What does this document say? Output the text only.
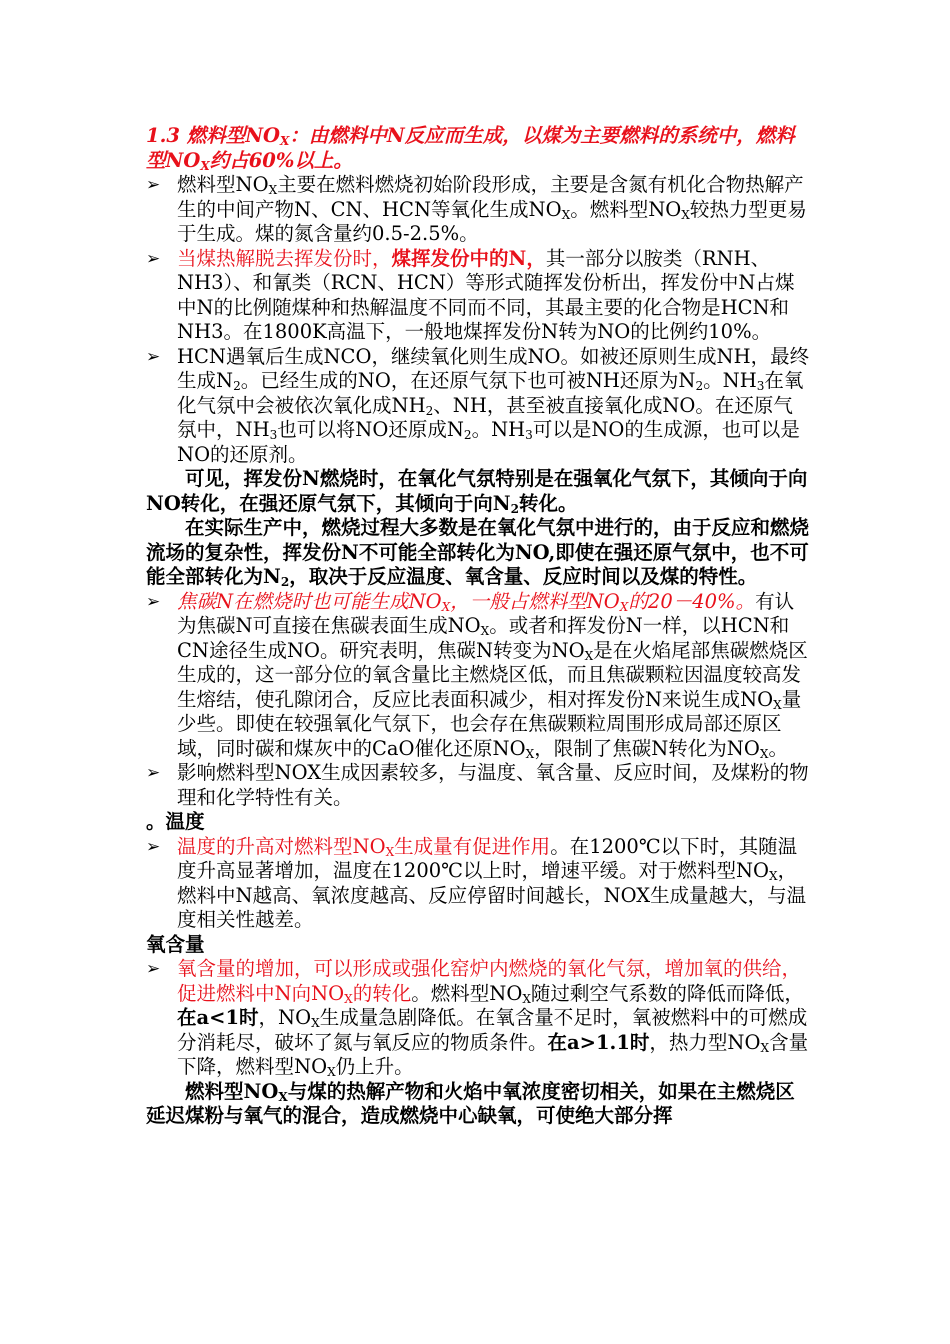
1.3 燃料型$NO_X$：由燃料中N反应而生成，以煤为主要燃料的系统中，燃料型$NO_X$约占60%以上。
➢ 燃料型$NO_X$主要在燃料燃烧初始阶段形成，主要是含氮有机化合物热解产生的中间产物N、CN、HCN等氧化生成$NO_X$。燃料型$NO_X$较热力型更易于生成。煤的氮含量约0.5-2.5%。
➢ 当煤热解脱去挥发份时，煤挥发份中的N，其一部分以胺类（RNH、NH3）、和氰类（RCN、HCN）等形式随挥发份析出，挥发份中N占煤中N的比例随煤种和热解温度不同而不同，其最主要的化合物是HCN和NH3。在1800K高温下，一般地煤挥发份N转为NO的比例约10%。
➢ HCN遇氧后生成NCO，继续氧化则生成NO。如被还原则生成NH，最终生成$N_2$。已经生成的NO，在还原气氛下也可被NH还原为$N_2$。$NH_3$在氧化气氛中会被依次氧化成$NH_2$、NH，甚至被直接氧化成NO。在还原气氛中，$NH_3$也可以将NO还原成$N_2$。$NH_3$可以是NO的生成源，也可以是NO的还原剂。
可见，挥发份N燃烧时，在氧化气氛特别是在强氧化气氛下，其倾向于向NO转化，在强还原气氛下，其倾向于向$N_2$转化。
在实际生产中，燃烧过程大多数是在氧化气氛中进行的，由于反应和燃烧流场的复杂性，挥发份N不可能全部转化为NO,即使在强还原气氛中，也不可能全部转化为$N_2$，取决于反应温度、氧含量、反应时间以及煤的特性。
➢ 焦碳N在燃烧时也可能生成$NO_X$，一般占燃料型$NO_X$的20－40%。有认为焦碳N可直接在焦碳表面生成$NO_X$。或者和挥发份N一样，以HCN和CN途径生成NO。研究表明，焦碳N转变为$NO_X$是在火焰尾部焦碳燃烧区生成的，这一部分位的氧含量比主燃烧区低，而且焦碳颗粒因温度较高发生熔结，使孔隙闭合，反应比表面积减少，相对挥发份N来说生成$NO_X$量少些。即使在较强氧化气氛下，也会存在焦碳颗粒周围形成局部还原区域，同时碳和煤灰中的CaO催化还原$NO_X$，限制了焦碳N转化为$NO_X$。
➢ 影响燃料型NOX生成因素较多，与温度、氧含量、反应时间，及煤粉的物理和化学特性有关。
。温度
➢ 温度的升高对燃料型$NO_X$生成量有促进作用。在1200℃以下时，其随温度升高显著增加，温度在1200℃以上时，增速平缓。对于燃料型$NO_X$，燃料中N越高、氧浓度越高、反应停留时间越长，NOX生成量越大，与温度相关性越差。
氧含量
➢ 氧含量的增加，可以形成或强化窑炉内燃烧的氧化气氛，增加氧的供给，促进燃料中N向$NO_X$的转化。燃料型$NO_X$随过剩空气系数的降低而降低，在a<1时，$NO_X$生成量急剧降低。在氧含量不足时，氧被燃料中的可燃成分消耗尽，破坏了氮与氧反应的物质条件。在a>1.1时，热力型$NO_X$含量下降，燃料型$NO_X$仍上升。
燃料型$NO_X$与煤的热解产物和火焰中氧浓度密切相关，如果在主燃烧区延迟煤粉与氧气的混合，造成燃烧中心缺氧，可使绝大部分挥
